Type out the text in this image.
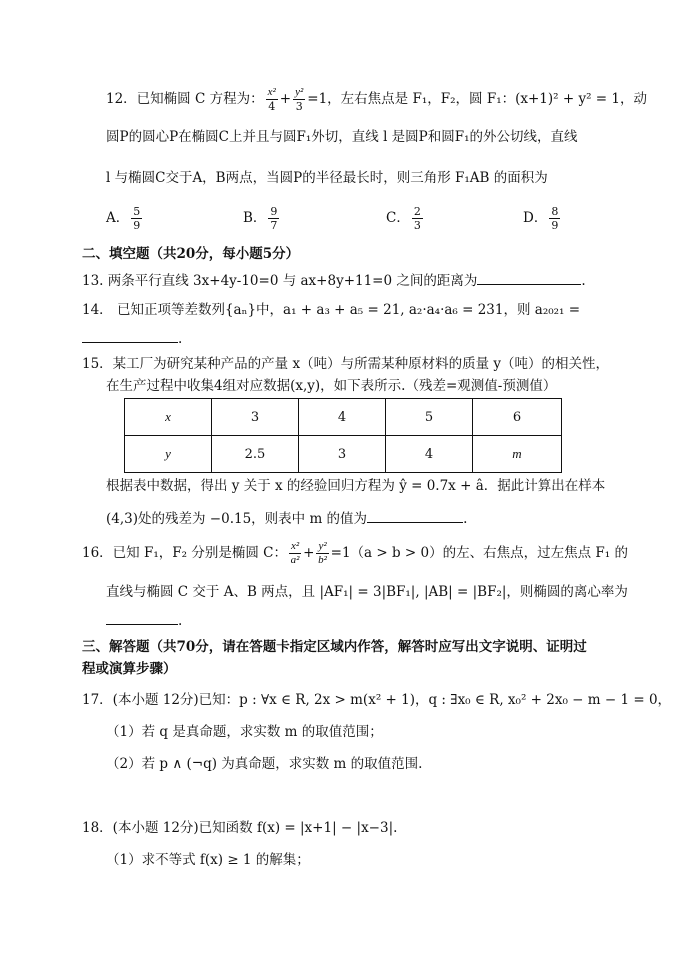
12．已知椭圆 C 方程为： $\frac{\text{x²}}{4} + \frac{\text{y²}}{3} =1$，左右焦点是 F₁，F₂，圆 F₁：(x+1)² + y² = 1，动
圆P的圆心P在椭圆C上并且与圆F₁外切，直线 l 是圆P和圆F₁的外公切线，直线
l 与椭圆C交于A，B两点，当圆P的半径最长时，则三角形 F₁AB 的面积为
A． $\frac{5}{9}$	B． $\frac{9}{7}$	C． $\frac{2}{3}$	D． $\frac{8}{9}$
二、填空题（共20分，每小题5分）
13. 两条平行直线 3x+4y-10=0 与 ax+8y+11=0 之间的距离为	.
14． 已知正项等差数列{aₙ}中，a₁ + a₃ + a₅ = 21, a₂·a₄·a₆ = 231，则 a₂₀₂₁ =
.
15．某工厂为研究某种产品的产量 x（吨）与所需某种原材料的质量 y（吨）的相关性，
在生产过程中收集4组对应数据(x,y)，如下表所示.（残差=观测值-预测值）
x	3	4	5	6
y	2.5	3	4	m
根据表中数据，得出 y 关于 x 的经验回归方程为 ŷ = 0.7x + â．据此计算出在样本
(4,3)处的残差为 −0.15，则表中 m 的值为	.
16．已知 F₁，F₂ 分别是椭圆 C： $\frac{\text{x²}}{\text{a²}} + \frac{\text{y²}}{\text{b²}} =1(a > b > 0)$的左、右焦点，过左焦点 F₁ 的
直线与椭圆 C 交于 A、B 两点，且 |AF₁| = 3|BF₁|, |AB| = |BF₂|，则椭圆的离心率为
.
三、解答题（共70分，请在答题卡指定区域内作答，解答时应写出文字说明、证明过
程或演算步骤）
17．(本小题 12分)已知：p : ∀x ∈ R, 2x > m(x² + 1)，q : ∃x₀ ∈ R, x₀² + 2x₀ − m − 1 = 0，
（1）若 q 是真命题，求实数 m 的取值范围；
（2）若 p ∧ (¬q) 为真命题，求实数 m 的取值范围.
18．(本小题 12分)已知函数 f(x) = |x+1| − |x−3|.
（1）求不等式 f(x) ≥ 1 的解集；
